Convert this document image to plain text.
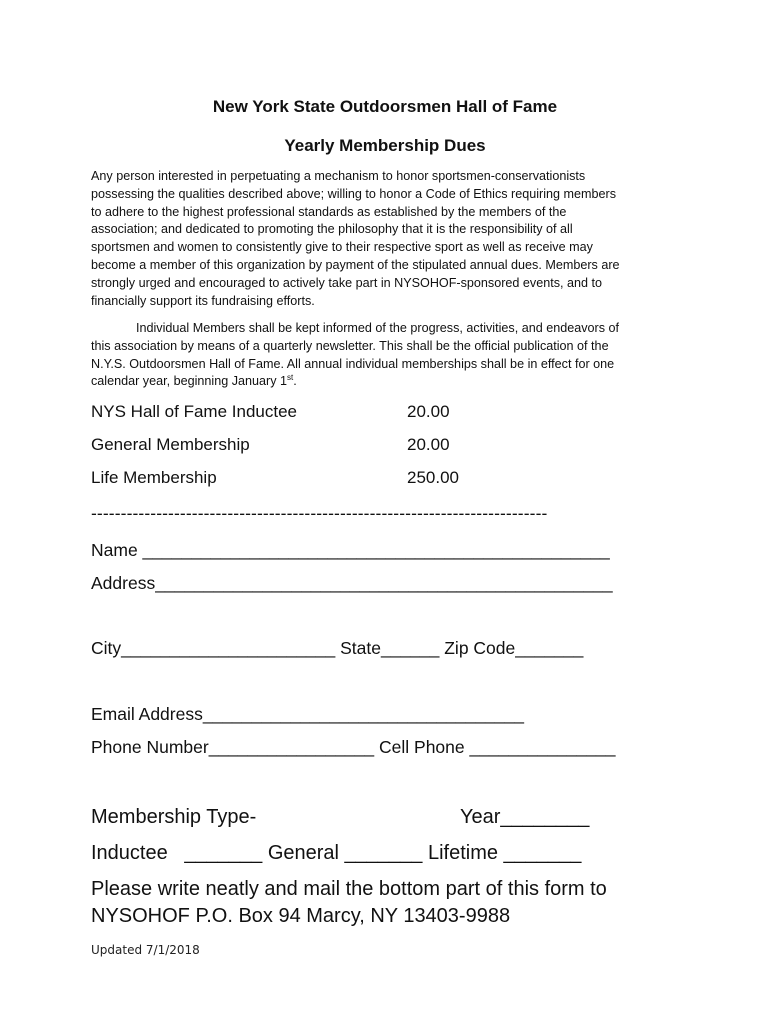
New York State Outdoorsmen Hall of Fame
Yearly Membership Dues

Any person interested in perpetuating a mechanism to honor sportsmen-conservationists

possessing the qualities described above; willing to honor a Code of Ethics requiring members

to adhere to the highest professional standards as established by the members of the

association; and dedicated to promoting the philosophy that it is the responsibility of all

sportsmen and women to consistently give to their respective sport as well as receive may

become a member of this organization by payment of the stipulated annual dues. Members are

strongly urged and encouraged to actively take part in NYSOHOF-sponsored events, and to

financially support its fundraising efforts.

Individual Members shall be kept informed of the progress, activities, and endeavors of

this association by means of a quarterly newsletter. This shall be the official publication of the

N.Y.S. Outdoorsmen Hall of Fame. All annual individual memberships shall be in effect for one

calendar year, beginning January 1st.

NYS Hall of Fame Inductee	20.00
General Membership	20.00
Life Membership	250.00
-----------------------------------------------------------------------------
Name ________________________________________________
Address_______________________________________________
City______________________ State______ Zip Code_______
Email Address_________________________________
Phone Number_________________ Cell Phone _______________
Membership Type-	Year________
Inductee   _______ General _______ Lifetime _______
Please write neatly and mail the bottom part of this form to
NYSOHOF P.O. Box 94 Marcy, NY 13403-9988
Updated 7/1/2018
